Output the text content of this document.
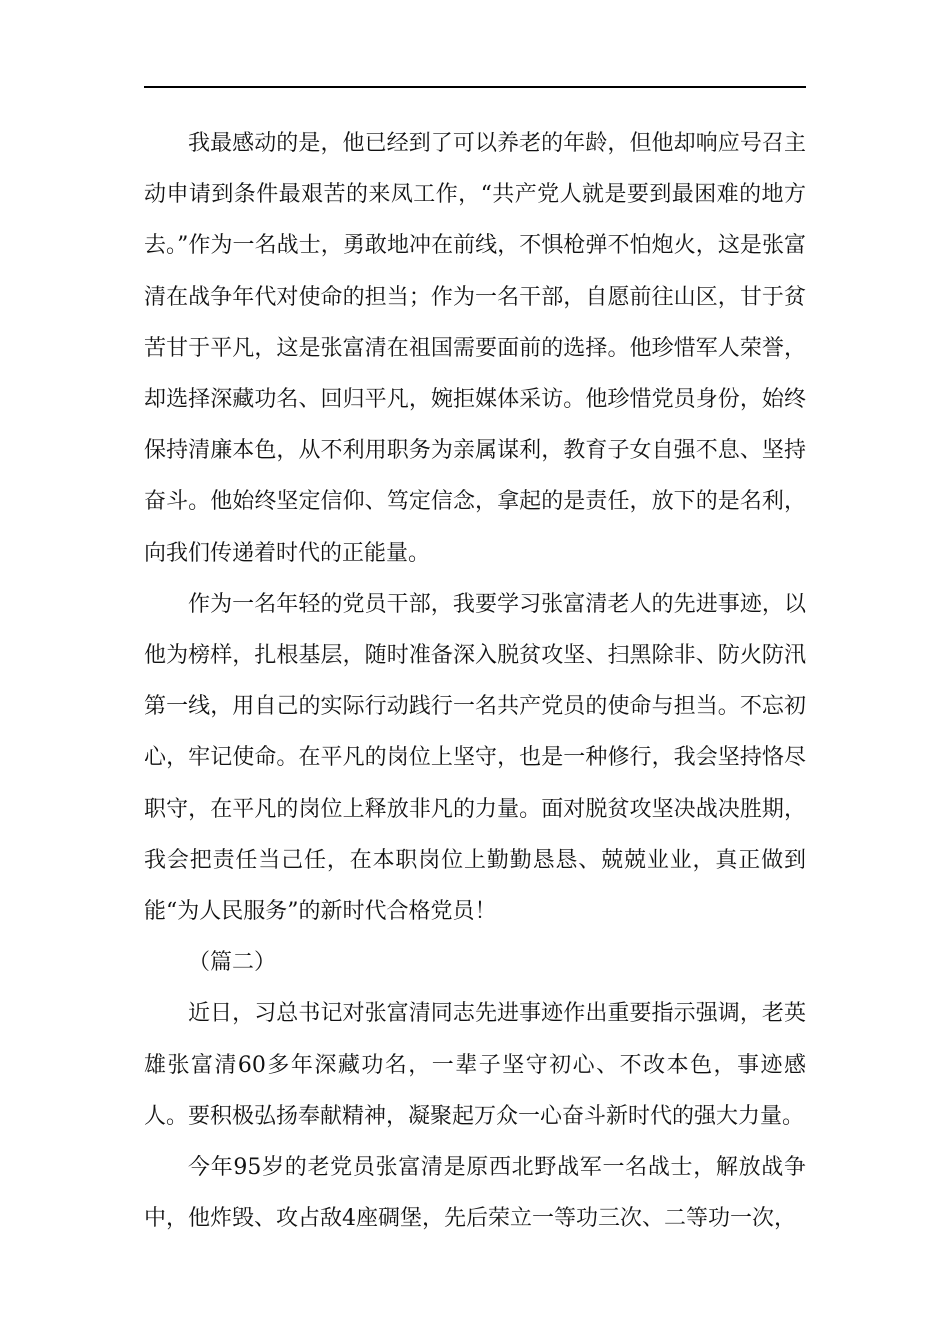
我最感动的是，他已经到了可以养老的年龄，但他却响应号召主动申请到条件最艰苦的来凤工作，“共产党人就是要到最困难的地方去。”作为一名战士，勇敢地冲在前线，不惧枪弹不怕炮火，这是张富清在战争年代对使命的担当；作为一名干部，自愿前往山区，甘于贫苦甘于平凡，这是张富清在祖国需要面前的选择。他珍惜军人荣誉，却选择深藏功名、回归平凡，婉拒媒体采访。他珍惜党员身份，始终保持清廉本色，从不利用职务为亲属谋利，教育子女自强不息、坚持奋斗。他始终坚定信仰、笃定信念，拿起的是责任，放下的是名利，向我们传递着时代的正能量。

作为一名年轻的党员干部，我要学习张富清老人的先进事迹，以他为榜样，扎根基层，随时准备深入脱贫攻坚、扫黑除非、防火防汛第一线，用自己的实际行动践行一名共产党员的使命与担当。不忘初心，牢记使命。在平凡的岗位上坚守，也是一种修行，我会坚持恪尽职守，在平凡的岗位上释放非凡的力量。面对脱贫攻坚决战决胜期，我会把责任当己任，在本职岗位上勤勤恳恳、兢兢业业，真正做到能“为人民服务”的新时代合格党员！

（篇二）

近日，习总书记对张富清同志先进事迹作出重要指示强调，老英雄张富清60多年深藏功名，一辈子坚守初心、不改本色，事迹感人。要积极弘扬奉献精神，凝聚起万众一心奋斗新时代的强大力量。

今年95岁的老党员张富清是原西北野战军一名战士，解放战争中，他炸毁、攻占敌4座碉堡，先后荣立一等功三次、二等功一次，
